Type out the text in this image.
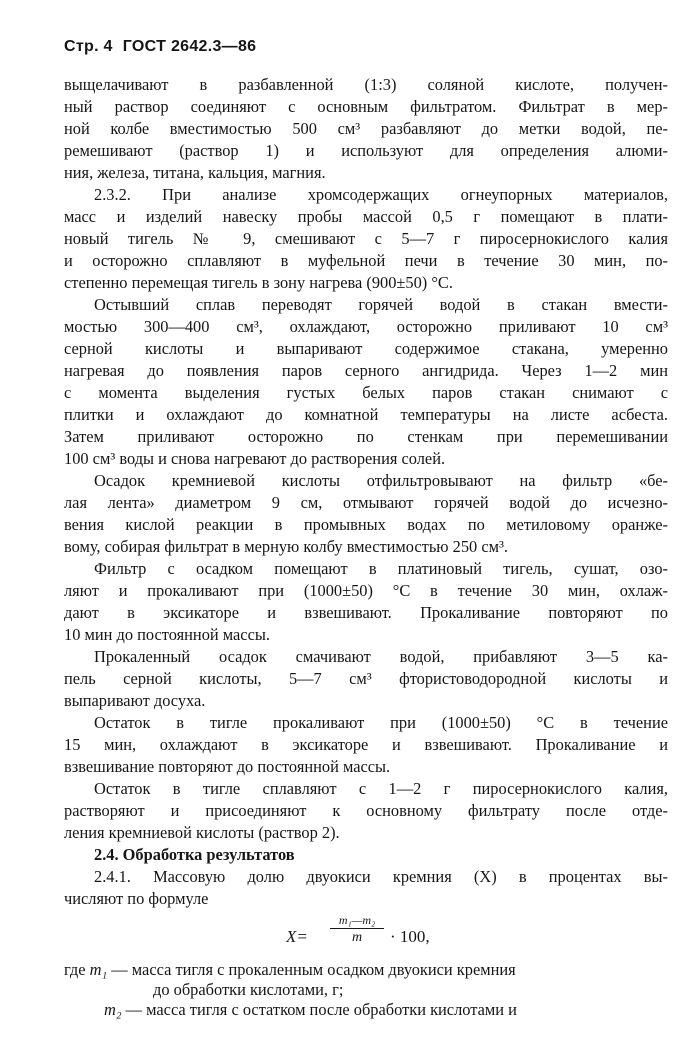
Стр. 4 ГОСТ 2642.3—86
выщелачивают в разбавленной (1:3) соляной кислоте, получен-
ный раствор соединяют с основным фильтратом. Фильтрат в мер-
ной колбе вместимостью 500 см³ разбавляют до метки водой, пе-
ремешивают (раствор 1) и используют для определения алюми-
ния, железа, титана, кальция, магния.
2.3.2. При анализе хромсодержащих огнеупорных материалов,
масс и изделий навеску пробы массой 0,5 г помещают в плати-
новый тигель № 9, смешивают с 5—7 г пиросернокислого калия
и осторожно сплавляют в муфельной печи в течение 30 мин, по-
степенно перемещая тигель в зону нагрева (900±50) °С.
Остывший сплав переводят горячей водой в стакан вмести-
мостью 300—400 см³, охлаждают, осторожно приливают 10 см³
серной кислоты и выпаривают содержимое стакана, умеренно
нагревая до появления паров серного ангидрида. Через 1—2 мин
с момента выделения густых белых паров стакан снимают с
плитки и охлаждают до комнатной температуры на листе асбеста.
Затем приливают осторожно по стенкам при перемешивании
100 см³ воды и снова нагревают до растворения солей.
Осадок кремниевой кислоты отфильтровывают на фильтр «бе-
лая лента» диаметром 9 см, отмывают горячей водой до исчезно-
вения кислой реакции в промывных водах по метиловому оранже-
вому, собирая фильтрат в мерную колбу вместимостью 250 см³.
Фильтр с осадком помещают в платиновый тигель, сушат, озо-
ляют и прокаливают при (1000±50) °С в течение 30 мин, охлаж-
дают в эксикаторе и взвешивают. Прокаливание повторяют по
10 мин до постоянной массы.
Прокаленный осадок смачивают водой, прибавляют 3—5 ка-
пель серной кислоты, 5—7 см³ фтористоводородной кислоты и
выпаривают досуха.
Остаток в тигле прокаливают при (1000±50) °С в течение
15 мин, охлаждают в эксикаторе и взвешивают. Прокаливание и
взвешивание повторяют до постоянной массы.
Остаток в тигле сплавляют с 1—2 г пиросернокислого калия,
растворяют и присоединяют к основному фильтрату после отде-
ления кремниевой кислоты (раствор 2).
2.4. Обработка результатов
2.4.1. Массовую долю двуокиси кремния (X) в процентах вы-
числяют по формуле
X=
m₁—m₂
m	· 100,
где m₁ — масса тигля с прокаленным осадком двуокиси кремния
до обработки кислотами, г;
m₂ — масса тигля с остатком после обработки кислотами и
